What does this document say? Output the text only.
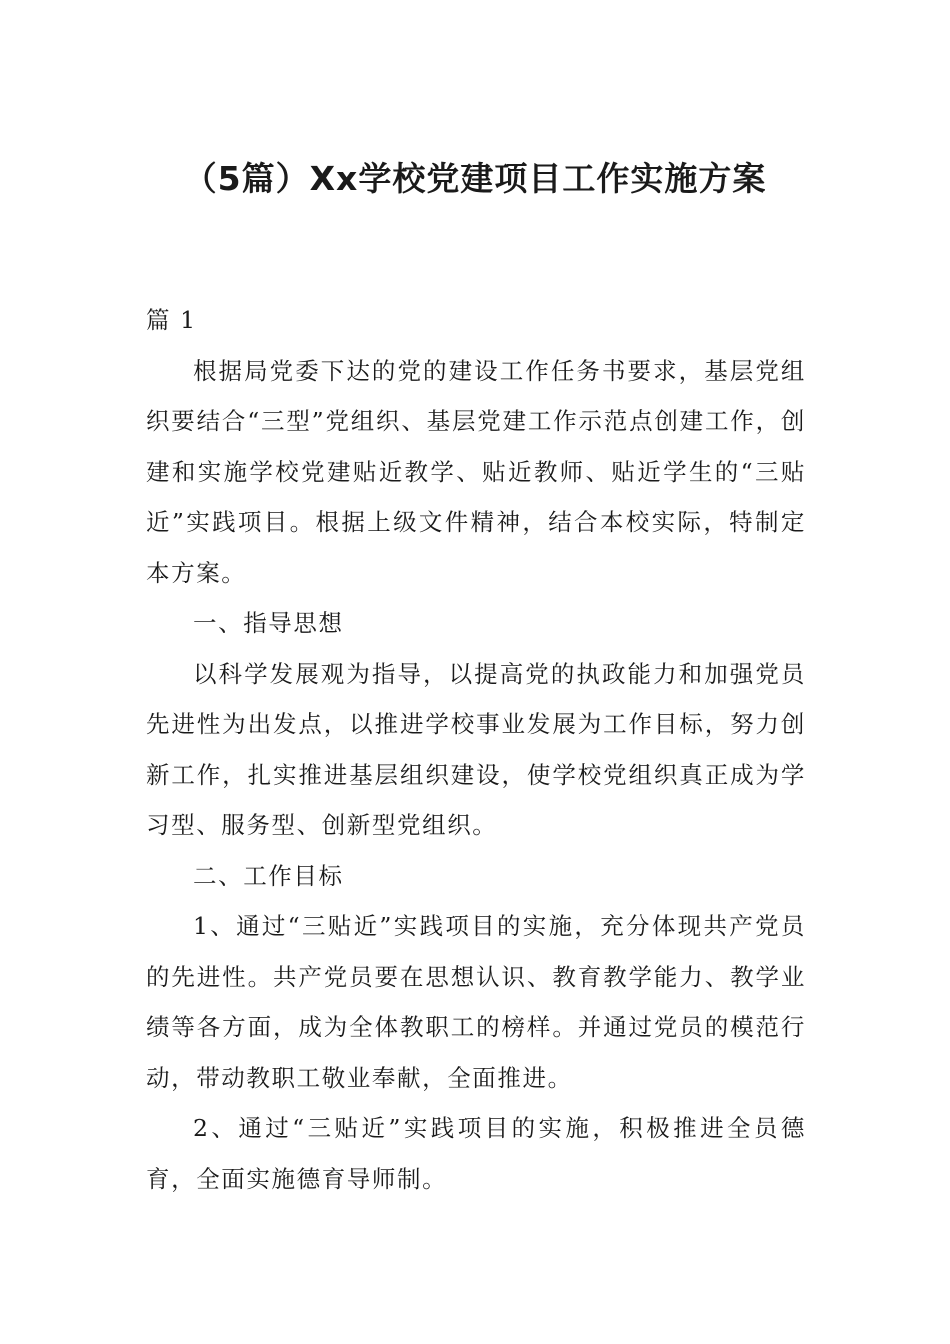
（5篇）Xx学校党建项目工作实施方案

篇 1

根据局党委下达的党的建设工作任务书要求，基层党组织要结合“三型”党组织、基层党建工作示范点创建工作，创建和实施学校党建贴近教学、贴近教师、贴近学生的“三贴近”实践项目。根据上级文件精神，结合本校实际，特制定本方案。

一、指导思想

以科学发展观为指导，以提高党的执政能力和加强党员先进性为出发点，以推进学校事业发展为工作目标，努力创新工作，扎实推进基层组织建设，使学校党组织真正成为学习型、服务型、创新型党组织。

二、工作目标

1、通过“三贴近”实践项目的实施，充分体现共产党员的先进性。共产党员要在思想认识、教育教学能力、教学业绩等各方面，成为全体教职工的榜样。并通过党员的模范行动，带动教职工敬业奉献，全面推进。

2、通过“三贴近”实践项目的实施，积极推进全员德育，全面实施德育导师制。
